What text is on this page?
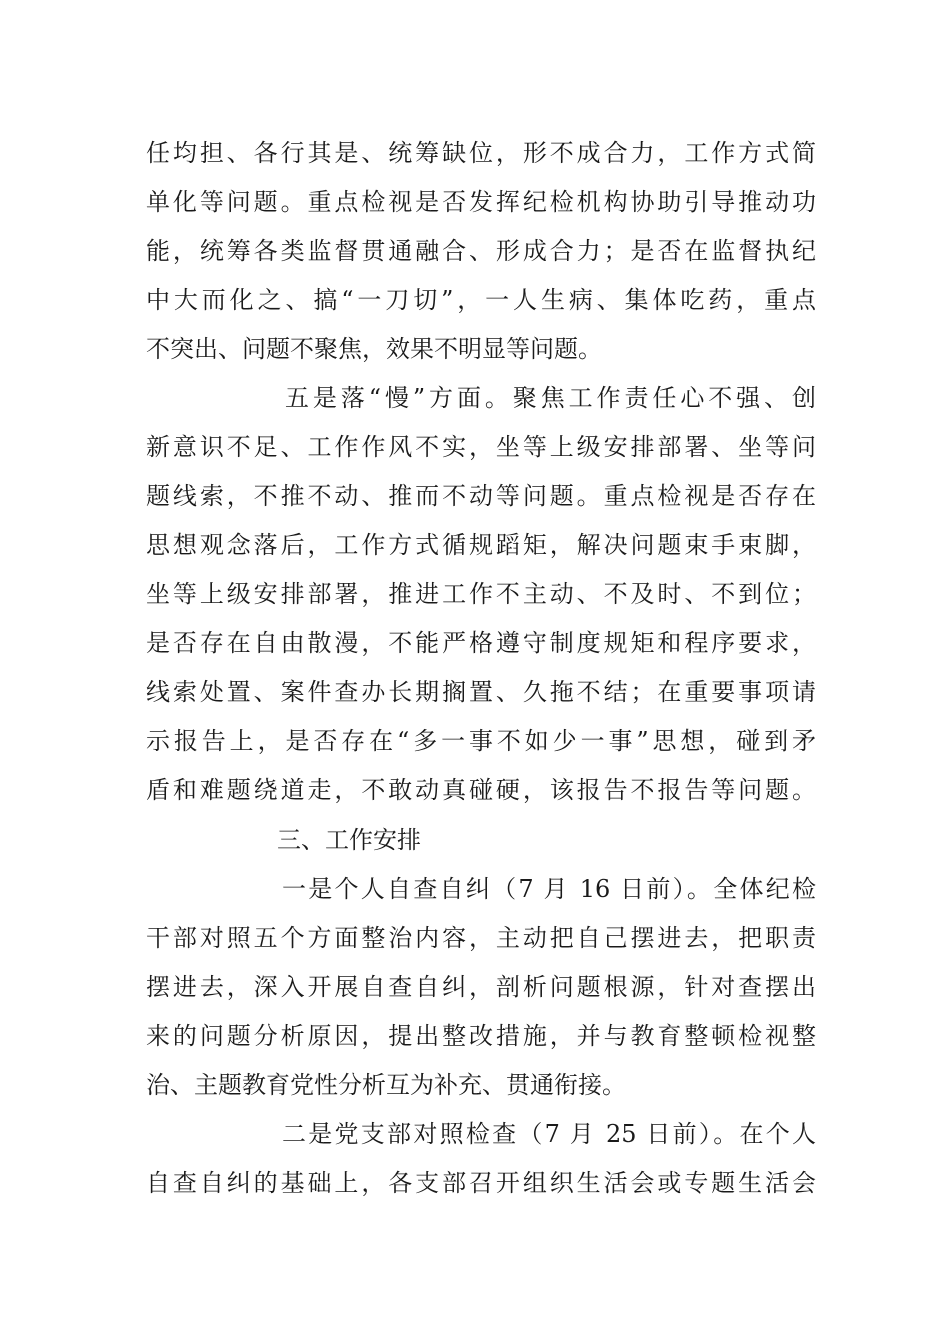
任均担、各行其是、统筹缺位，形不成合力，工作方式简
单化等问题。重点检视是否发挥纪检机构协助引导推动功
能，统筹各类监督贯通融合、形成合力；是否在监督执纪
中大而化之、搞“一刀切”，一人生病、集体吃药，重点
不突出、问题不聚焦，效果不明显等问题。
五是落“慢”方面。聚焦工作责任心不强、创
新意识不足、工作作风不实，坐等上级安排部署、坐等问
题线索，不推不动、推而不动等问题。重点检视是否存在
思想观念落后，工作方式循规蹈矩，解决问题束手束脚，
坐等上级安排部署，推进工作不主动、不及时、不到位；
是否存在自由散漫，不能严格遵守制度规矩和程序要求，
线索处置、案件查办长期搁置、久拖不结；在重要事项请
示报告上，是否存在“多一事不如少一事”思想，碰到矛
盾和难题绕道走，不敢动真碰硬，该报告不报告等问题。
三、工作安排
一是个人自查自纠（7 月 16 日前）。全体纪检
干部对照五个方面整治内容，主动把自己摆进去，把职责
摆进去，深入开展自查自纠，剖析问题根源，针对查摆出
来的问题分析原因，提出整改措施，并与教育整顿检视整
治、主题教育党性分析互为补充、贯通衔接。
二是党支部对照检查（7 月 25 日前）。在个人
自查自纠的基础上，各支部召开组织生活会或专题生活会
